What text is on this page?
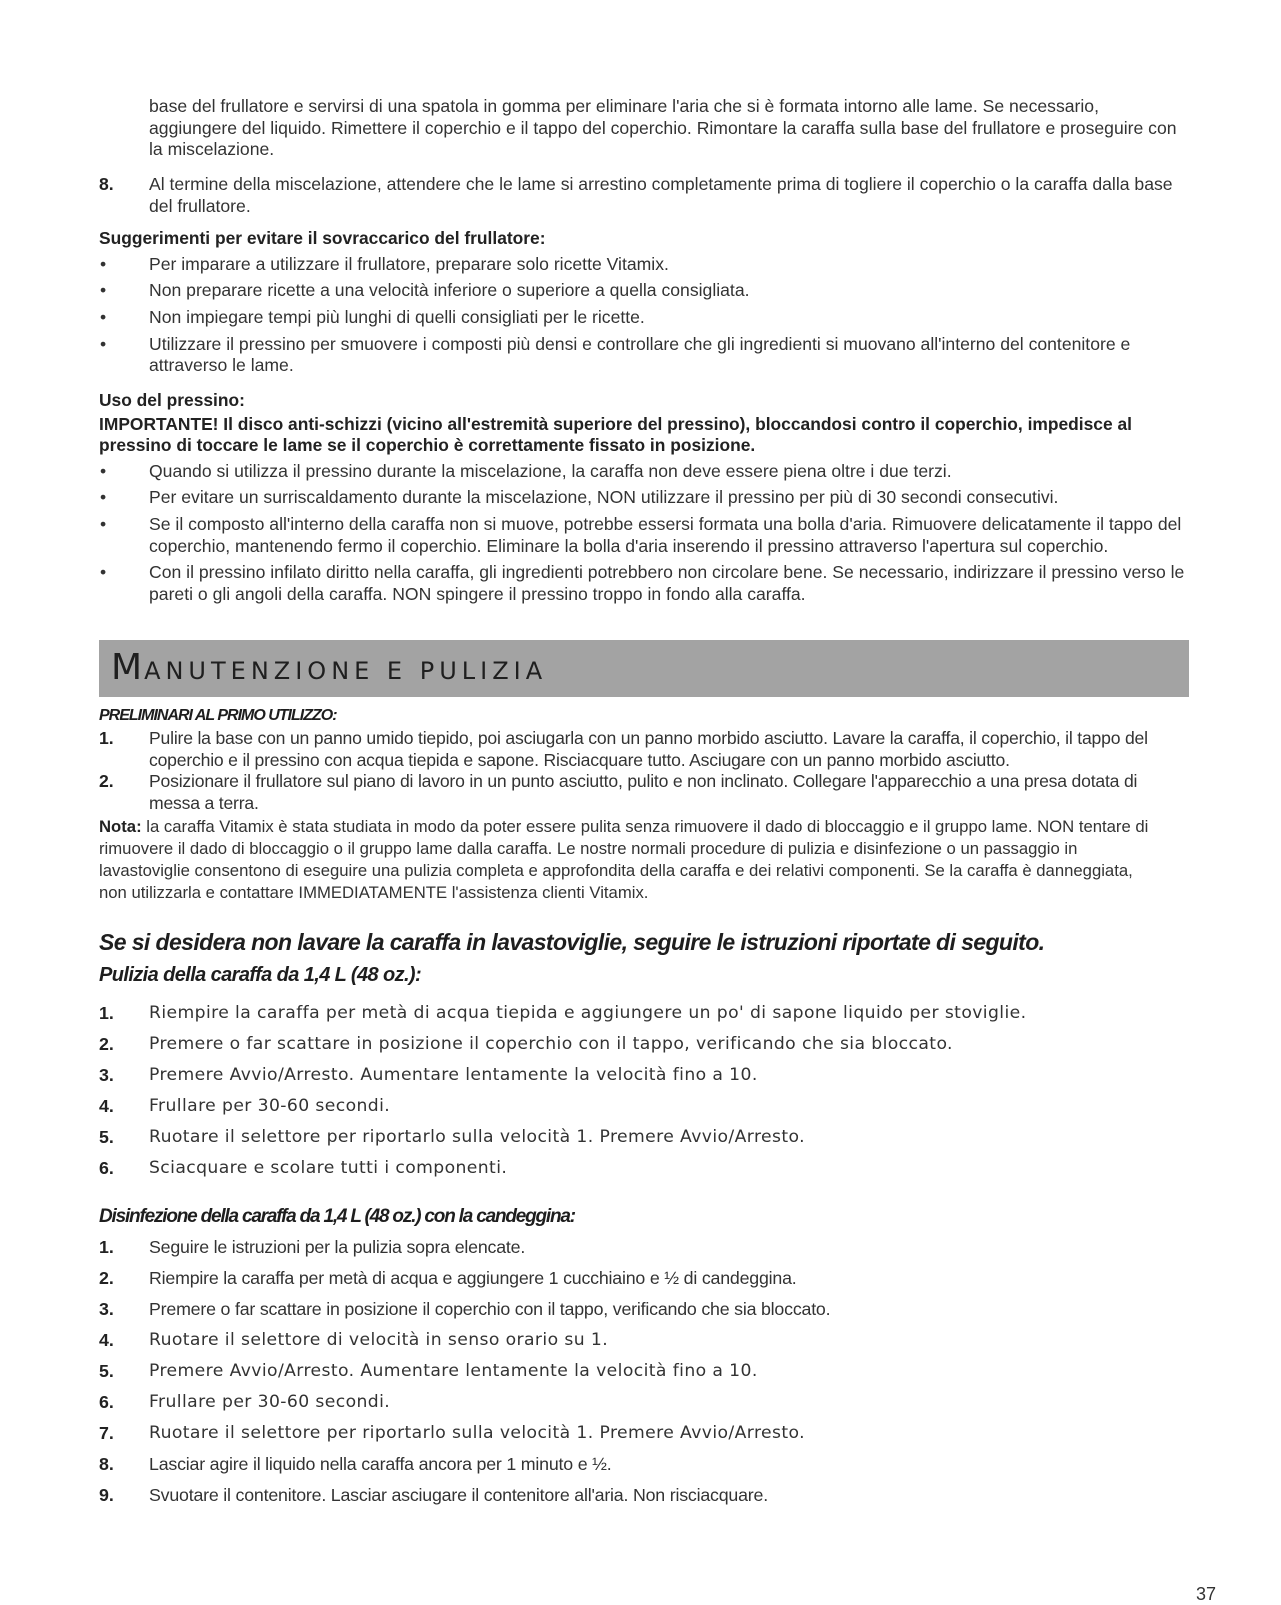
base del frullatore e servirsi di una spatola in gomma per eliminare l'aria che si è formata intorno alle lame. Se necessario, aggiungere del liquido. Rimettere il coperchio e il tappo del coperchio. Rimontare la caraffa sulla base del frullatore e proseguire con la miscelazione.
8. Al termine della miscelazione, attendere che le lame si arrestino completamente prima di togliere il coperchio o la caraffa dalla base del frullatore.
Suggerimenti per evitare il sovraccarico del frullatore:
• Per imparare a utilizzare il frullatore, preparare solo ricette Vitamix.
• Non preparare ricette a una velocità inferiore o superiore a quella consigliata.
• Non impiegare tempi più lunghi di quelli consigliati per le ricette.
• Utilizzare il pressino per smuovere i composti più densi e controllare che gli ingredienti si muovano all'interno del contenitore e attraverso le lame.
Uso del pressino:
IMPORTANTE! Il disco anti-schizzi (vicino all'estremità superiore del pressino), bloccandosi contro il coperchio, impedisce al pressino di toccare le lame se il coperchio è correttamente fissato in posizione.
• Quando si utilizza il pressino durante la miscelazione, la caraffa non deve essere piena oltre i due terzi.
• Per evitare un surriscaldamento durante la miscelazione, NON utilizzare il pressino per più di 30 secondi consecutivi.
• Se il composto all'interno della caraffa non si muove, potrebbe essersi formata una bolla d'aria. Rimuovere delicatamente il tappo del coperchio, mantenendo fermo il coperchio. Eliminare la bolla d'aria inserendo il pressino attraverso l'apertura sul coperchio.
• Con il pressino infilato diritto nella caraffa, gli ingredienti potrebbero non circolare bene. Se necessario, indirizzare il pressino verso le pareti o gli angoli della caraffa. NON spingere il pressino troppo in fondo alla caraffa.
MANUTENZIONE E PULIZIA
PRELIMINARI AL PRIMO UTILIZZO:
1. Pulire la base con un panno umido tiepido, poi asciugarla con un panno morbido asciutto. Lavare la caraffa, il coperchio, il tappo del coperchio e il pressino con acqua tiepida e sapone. Risciacquare tutto. Asciugare con un panno morbido asciutto.
2. Posizionare il frullatore sul piano di lavoro in un punto asciutto, pulito e non inclinato. Collegare l'apparecchio a una presa dotata di messa a terra.
Nota: la caraffa Vitamix è stata studiata in modo da poter essere pulita senza rimuovere il dado di bloccaggio e il gruppo lame. NON tentare di rimuovere il dado di bloccaggio o il gruppo lame dalla caraffa. Le nostre normali procedure di pulizia e disinfezione o un passaggio in lavastoviglie consentono di eseguire una pulizia completa e approfondita della caraffa e dei relativi componenti. Se la caraffa è danneggiata, non utilizzarla e contattare IMMEDIATAMENTE l'assistenza clienti Vitamix.
Se si desidera non lavare la caraffa in lavastoviglie, seguire le istruzioni riportate di seguito.
Pulizia della caraffa da 1,4 L (48 oz.):
1. Riempire la caraffa per metà di acqua tiepida e aggiungere un po' di sapone liquido per stoviglie.
2. Premere o far scattare in posizione il coperchio con il tappo, verificando che sia bloccato.
3. Premere Avvio/Arresto. Aumentare lentamente la velocità fino a 10.
4. Frullare per 30-60 secondi.
5. Ruotare il selettore per riportarlo sulla velocità 1. Premere Avvio/Arresto.
6. Sciacquare e scolare tutti i componenti.
Disinfezione della caraffa da 1,4 L (48 oz.) con la candeggina:
1. Seguire le istruzioni per la pulizia sopra elencate.
2. Riempire la caraffa per metà di acqua e aggiungere 1 cucchiaino e ½ di candeggina.
3. Premere o far scattare in posizione il coperchio con il tappo, verificando che sia bloccato.
4. Ruotare il selettore di velocità in senso orario su 1.
5. Premere Avvio/Arresto. Aumentare lentamente la velocità fino a 10.
6. Frullare per 30-60 secondi.
7. Ruotare il selettore per riportarlo sulla velocità 1. Premere Avvio/Arresto.
8. Lasciar agire il liquido nella caraffa ancora per 1 minuto e ½.
9. Svuotare il contenitore. Lasciar asciugare il contenitore all'aria. Non risciacquare.
37
